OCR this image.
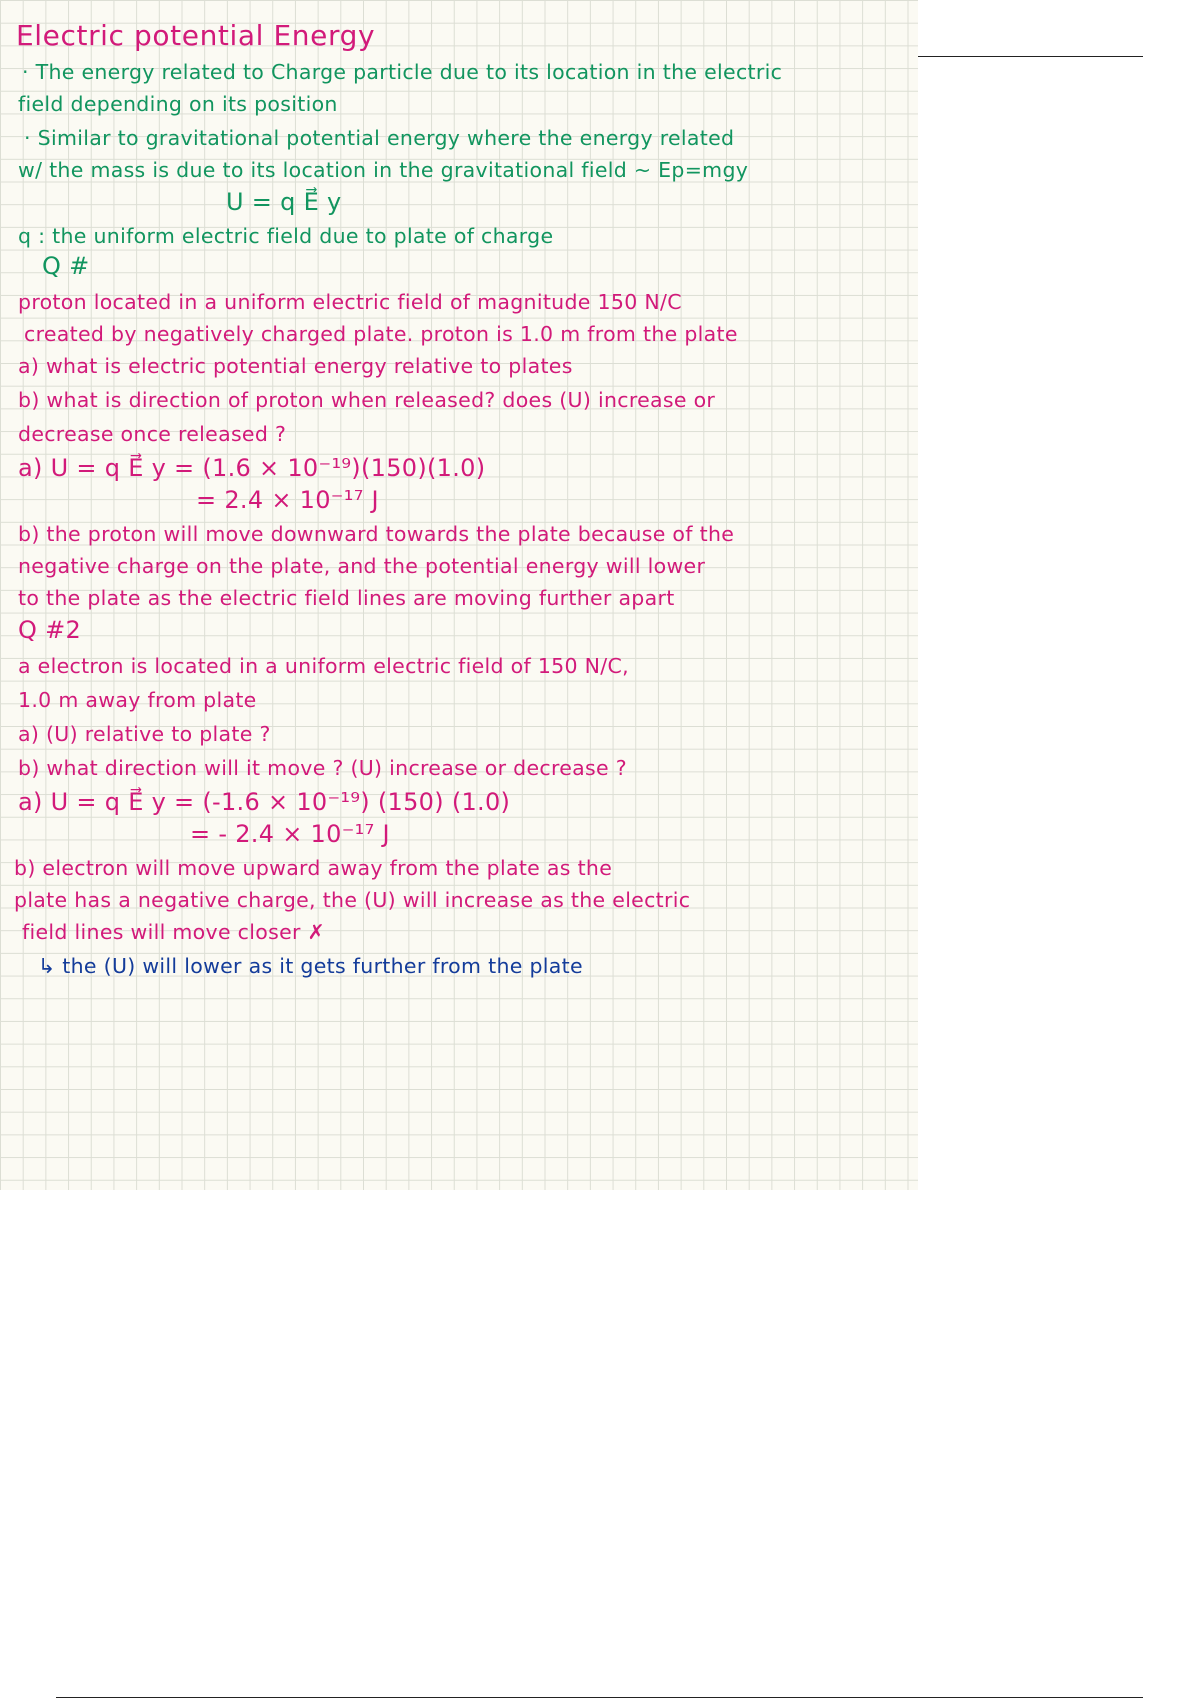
Electric potential Energy
· The energy related to Charge particle due to its location in the electric
field depending on its position
· Similar to gravitational potential energy where the energy related
w/ the mass is due to its location in the gravitational field ~ Ep=mgy
U = q E⃗ y
q : the uniform electric field due to plate of charge
Q #
proton located in a uniform electric field of magnitude 150 N/C
created by negatively charged plate. proton is 1.0 m from the plate
a) what is electric potential energy relative to plates
b) what is direction of proton when released? does (U) increase or
decrease once released ?
a) U = q E⃗ y = (1.6 × 10⁻¹⁹)(150)(1.0)
= 2.4 × 10⁻¹⁷ J
b) the proton will move downward towards the plate because of the
negative charge on the plate, and the potential energy will lower
to the plate as the electric field lines are moving further apart
Q #2
a electron is located in a uniform electric field of 150 N/C,
1.0 m away from plate
a) (U) relative to plate ?
b) what direction will it move ? (U) increase or decrease ?
a) U = q E⃗ y = (-1.6 × 10⁻¹⁹) (150) (1.0)
= - 2.4 × 10⁻¹⁷ J
b) electron will move upward away from the plate as the
plate has a negative charge, the (U) will increase as the electric
field lines will move closer ✗
↳ the (U) will lower as it gets further from the plate
